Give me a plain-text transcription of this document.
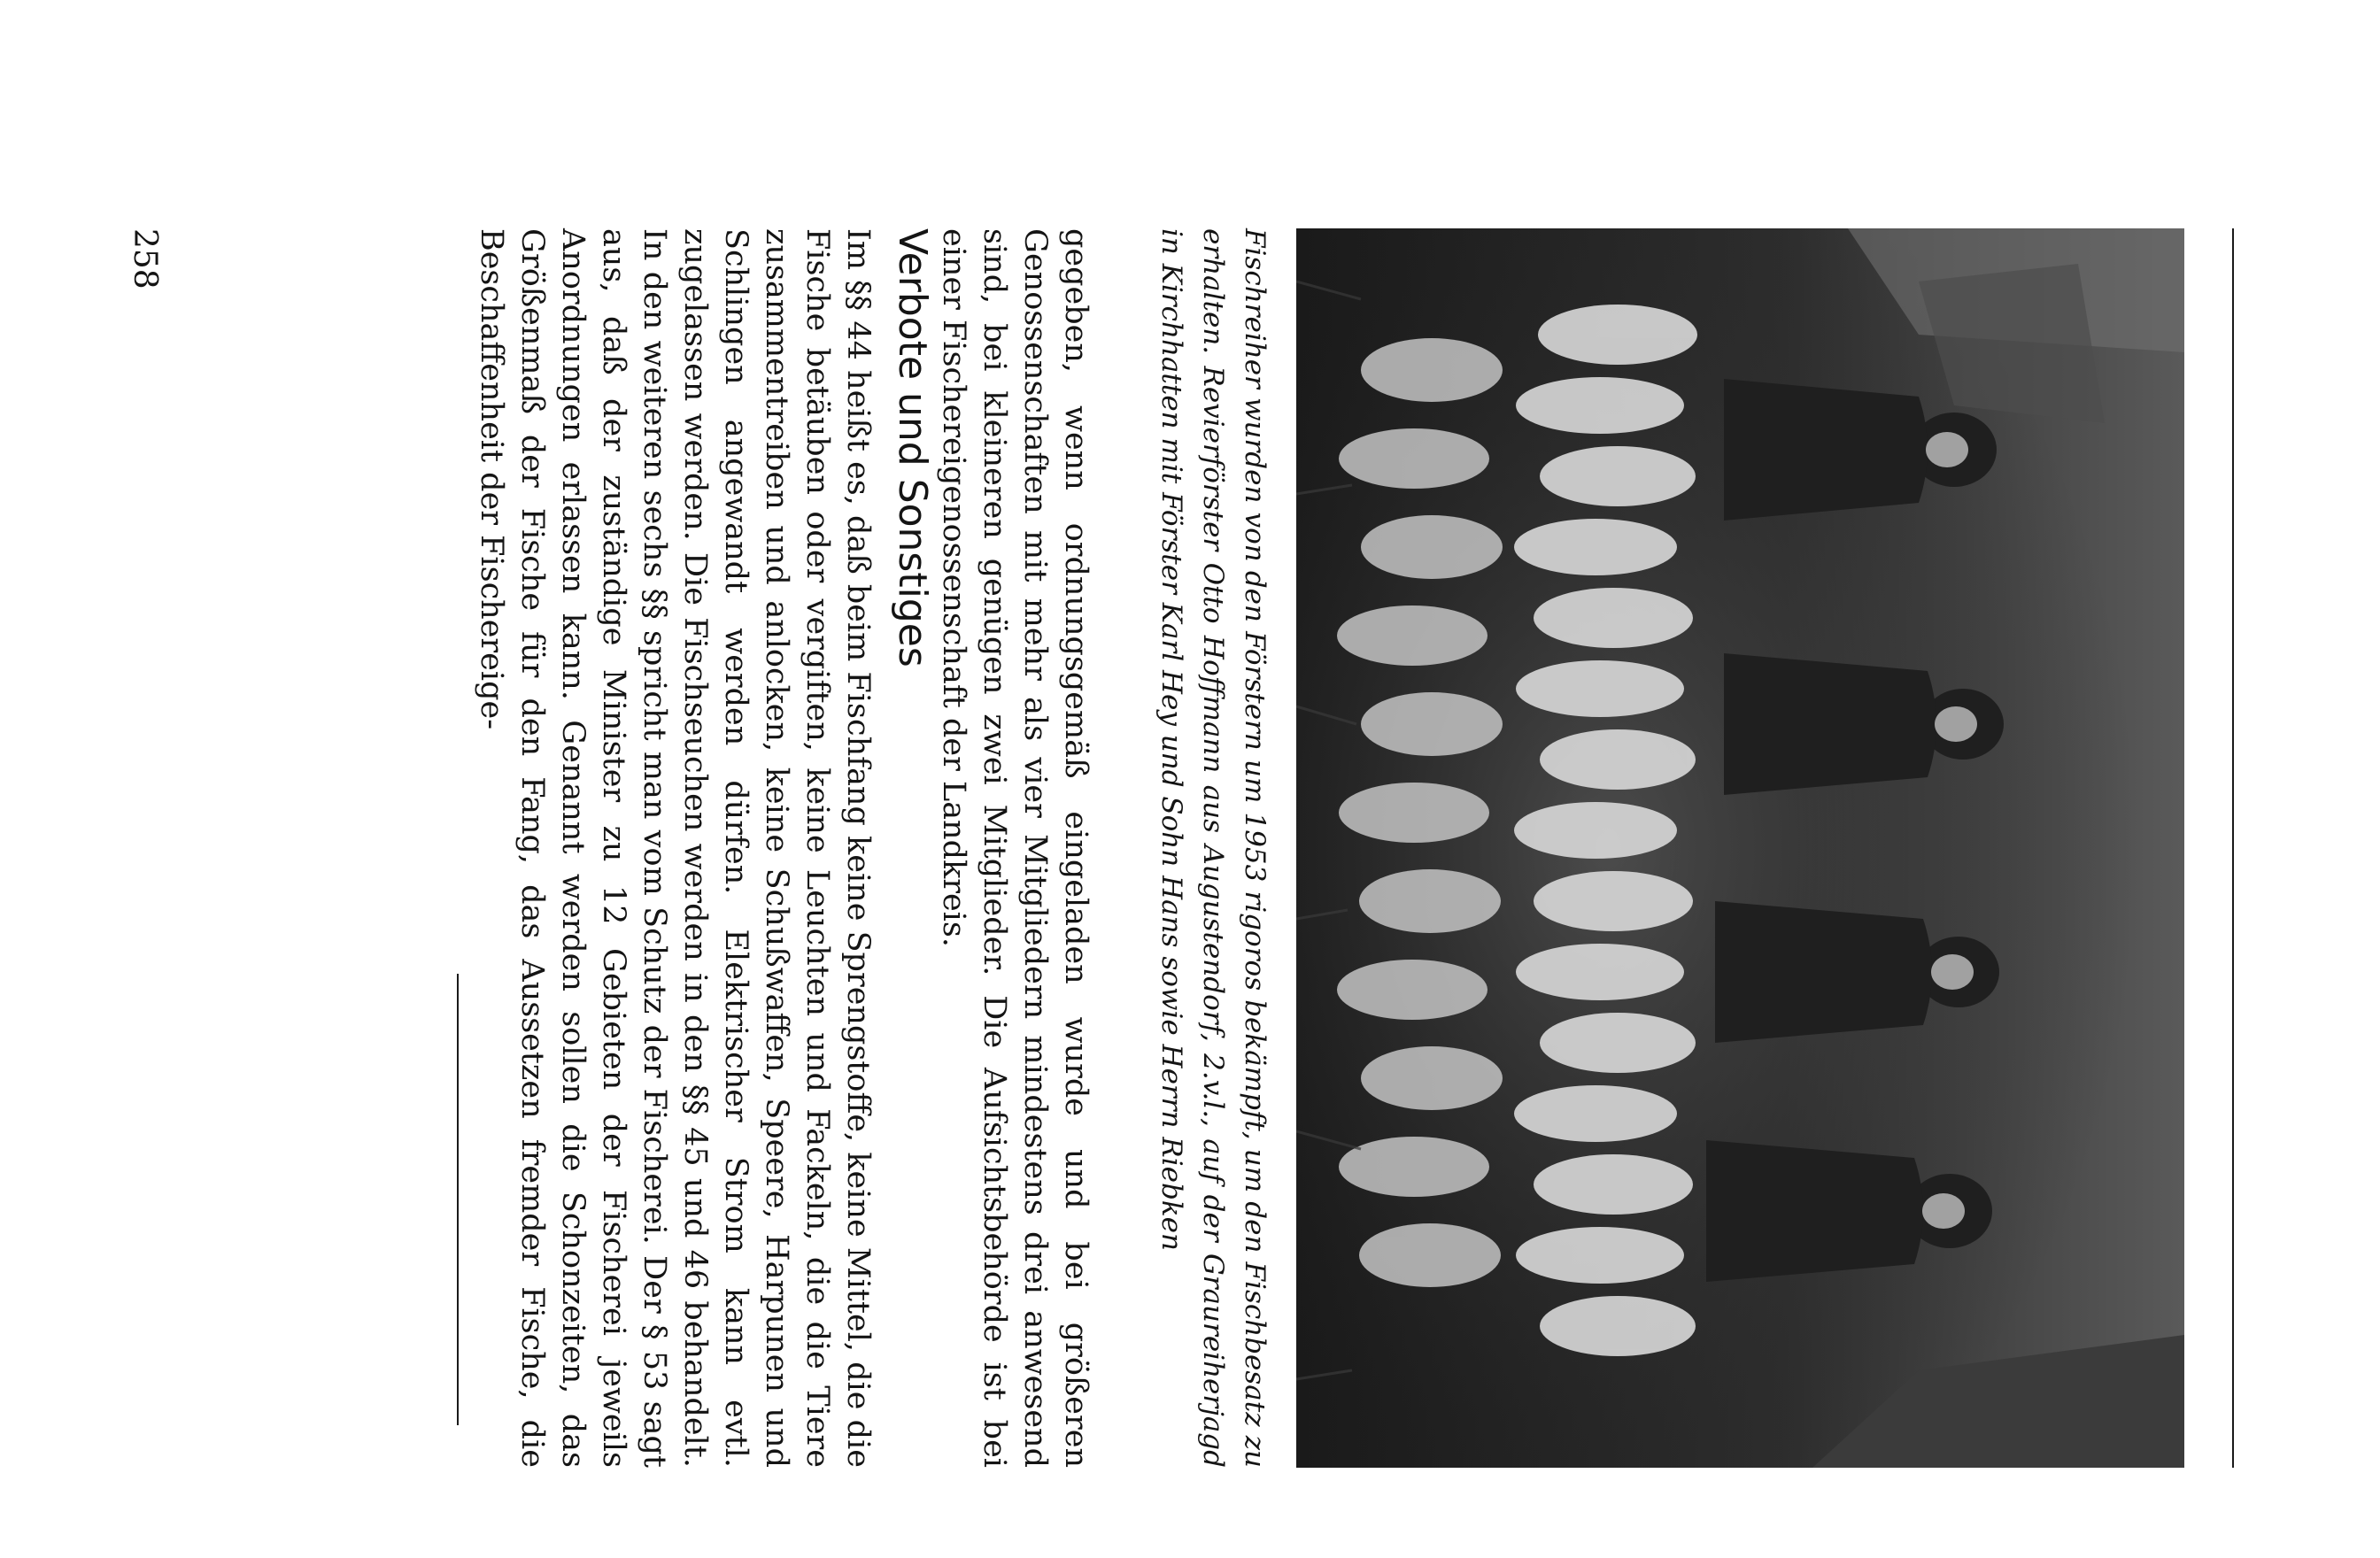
Fischreiher wurden von den Förstern um 1953 rigoros bekämpft, um den Fischbesatz zu erhalten. Revierförster Otto Hoffmann aus Augustendorf, 2.v.l., auf der Graureiherjagd in Kirchhatten mit Förster Karl Hey und Sohn Hans sowie Herrn Riebken

gegeben, wenn ordnungsgemäß eingeladen wurde und bei größeren Genossenschaften mit mehr als vier Mitgliedern mindestens drei anwesend sind, bei kleineren genügen zwei Mitglieder. Die Aufsichtsbehörde ist bei einer Fischereigenossenschaft der Landkreis.

Verbote und Sonstiges

Im §§ 44 heißt es, daß beim Fischfang keine Sprengstoffe, keine Mittel, die die Fische betäuben oder vergiften, keine Leuchten und Fackeln, die die Tiere zusammentreiben und anlocken, keine Schußwaffen, Speere, Harpunen und Schlingen angewandt werden dürfen. Elektrischer Strom kann evtl. zugelassen werden. Die Fischseuchen werden in den §§ 45 und 46 behandelt. In den weiteren sechs §§ spricht man vom Schutz der Fischerei. Der § 53 sagt aus, daß der zuständige Minister zu 12 Gebieten der Fischerei jeweils Anordnungen erlassen kann. Genannt werden sollen die Schonzeiten, das Größenmaß der Fische für den Fang, das Aussetzen fremder Fische, die Beschaffenheit der Fischereige-

258
